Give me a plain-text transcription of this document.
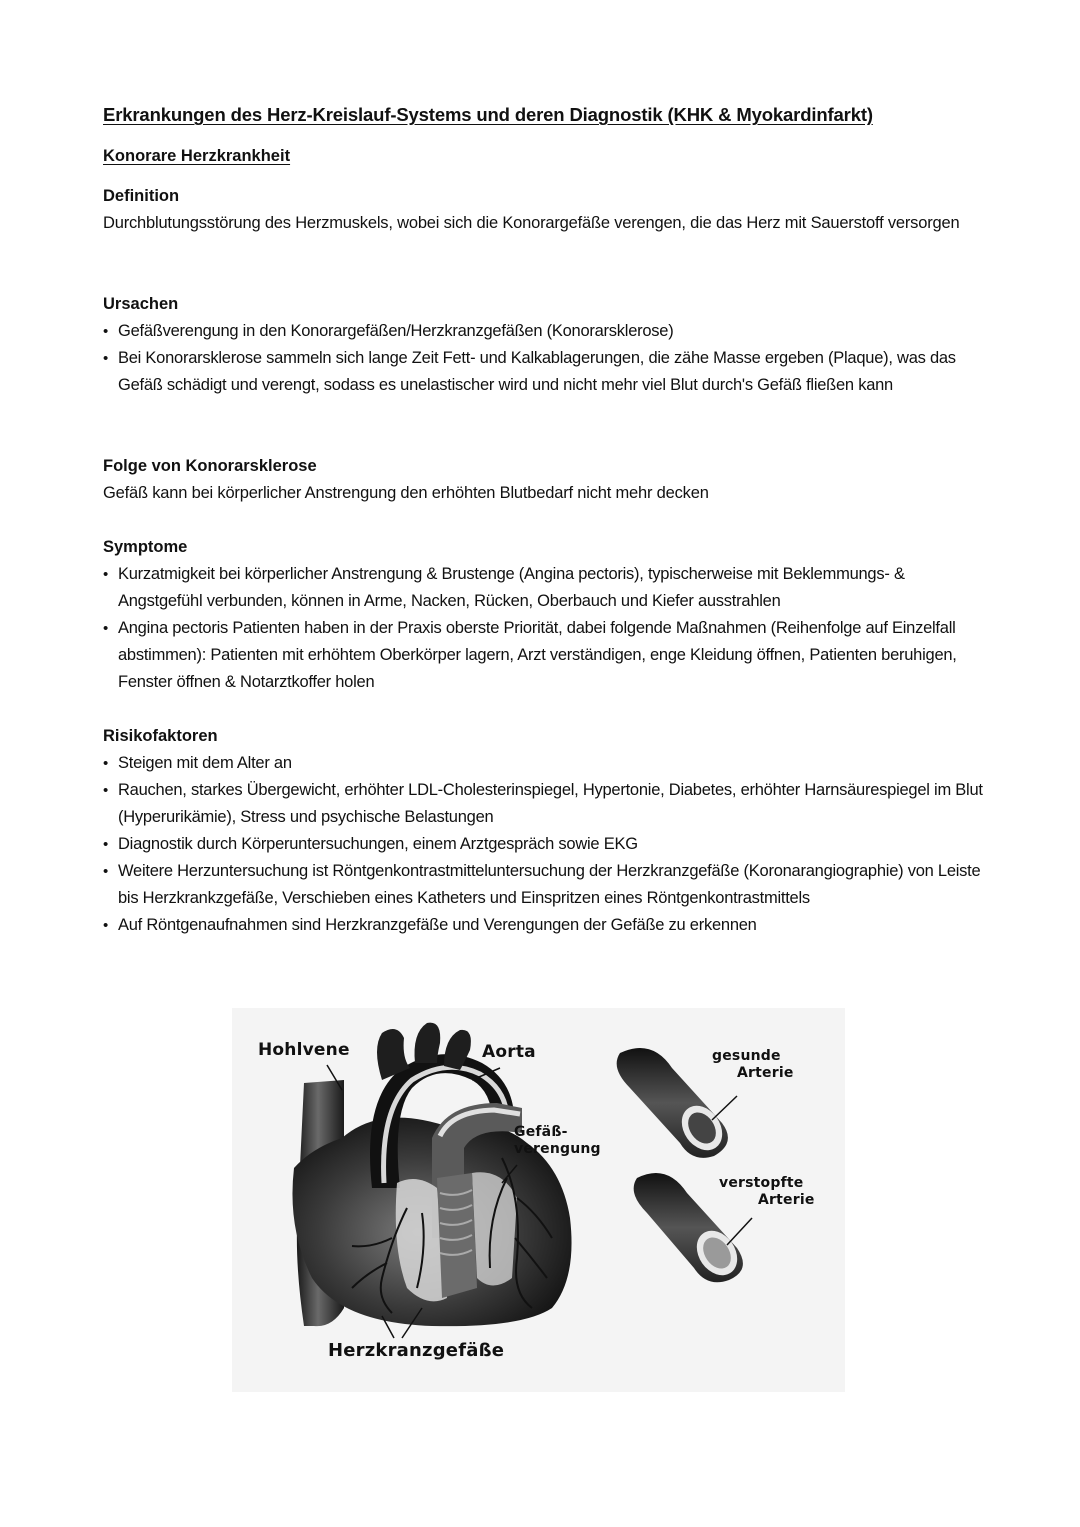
Erkrankungen des Herz-Kreislauf-Systems und deren Diagnostik (KHK & Myokardinfarkt)
Konorare Herzkrankheit
Definition

Durchblutungsstörung des Herzmuskels, wobei sich die Konorargefäße verengen, die das Herz mit Sauerstoff versorgen

Ursachen
• Gefäßverengung in den Konorargefäßen/Herzkranzgefäßen (Konorarsklerose)
• Bei Konorarsklerose sammeln sich lange Zeit Fett- und Kalkablagerungen, die zähe Masse ergeben (Plaque), was das Gefäß schädigt und verengt, sodass es unelastischer wird und nicht mehr viel Blut durch's Gefäß fließen kann
Folge von Konorarsklerose

Gefäß kann bei körperlicher Anstrengung den erhöhten Blutbedarf nicht mehr decken

Symptome
• Kurzatmigkeit bei körperlicher Anstrengung & Brustenge (Angina pectoris), typischerweise mit Beklemmungs- & Angstgefühl verbunden, können in Arme, Nacken, Rücken, Oberbauch und Kiefer ausstrahlen
• Angina pectoris Patienten haben in der Praxis oberste Priorität, dabei folgende Maßnahmen (Reihenfolge auf Einzelfall abstimmen): Patienten mit erhöhtem Oberkörper lagern, Arzt verständigen, enge Kleidung öffnen, Patienten beruhigen, Fenster öffnen & Notarztkoffer holen
Risikofaktoren
• Steigen mit dem Alter an
• Rauchen, starkes Übergewicht, erhöhter LDL-Cholesterinspiegel, Hypertonie, Diabetes, erhöhter Harnsäurespiegel im Blut (Hyperurikämie), Stress und psychische Belastungen
• Diagnostik durch Körperuntersuchungen, einem Arztgespräch sowie EKG
• Weitere Herzuntersuchung ist Röntgenkontrastmitteluntersuchung der Herzkranzgefäße (Koronarangiographie) von Leiste bis Herzkrankzgefäße, Verschieben eines Katheters und Einspritzen eines Röntgenkontrastmittels
• Auf Röntgenaufnahmen sind Herzkranzgefäße und Verengungen der Gefäße zu erkennen
Hohlvene	Aorta
Gefäß-
verengung
Herzkranzgefäße
gesunde
Arterie
verstopfte
Arterie
